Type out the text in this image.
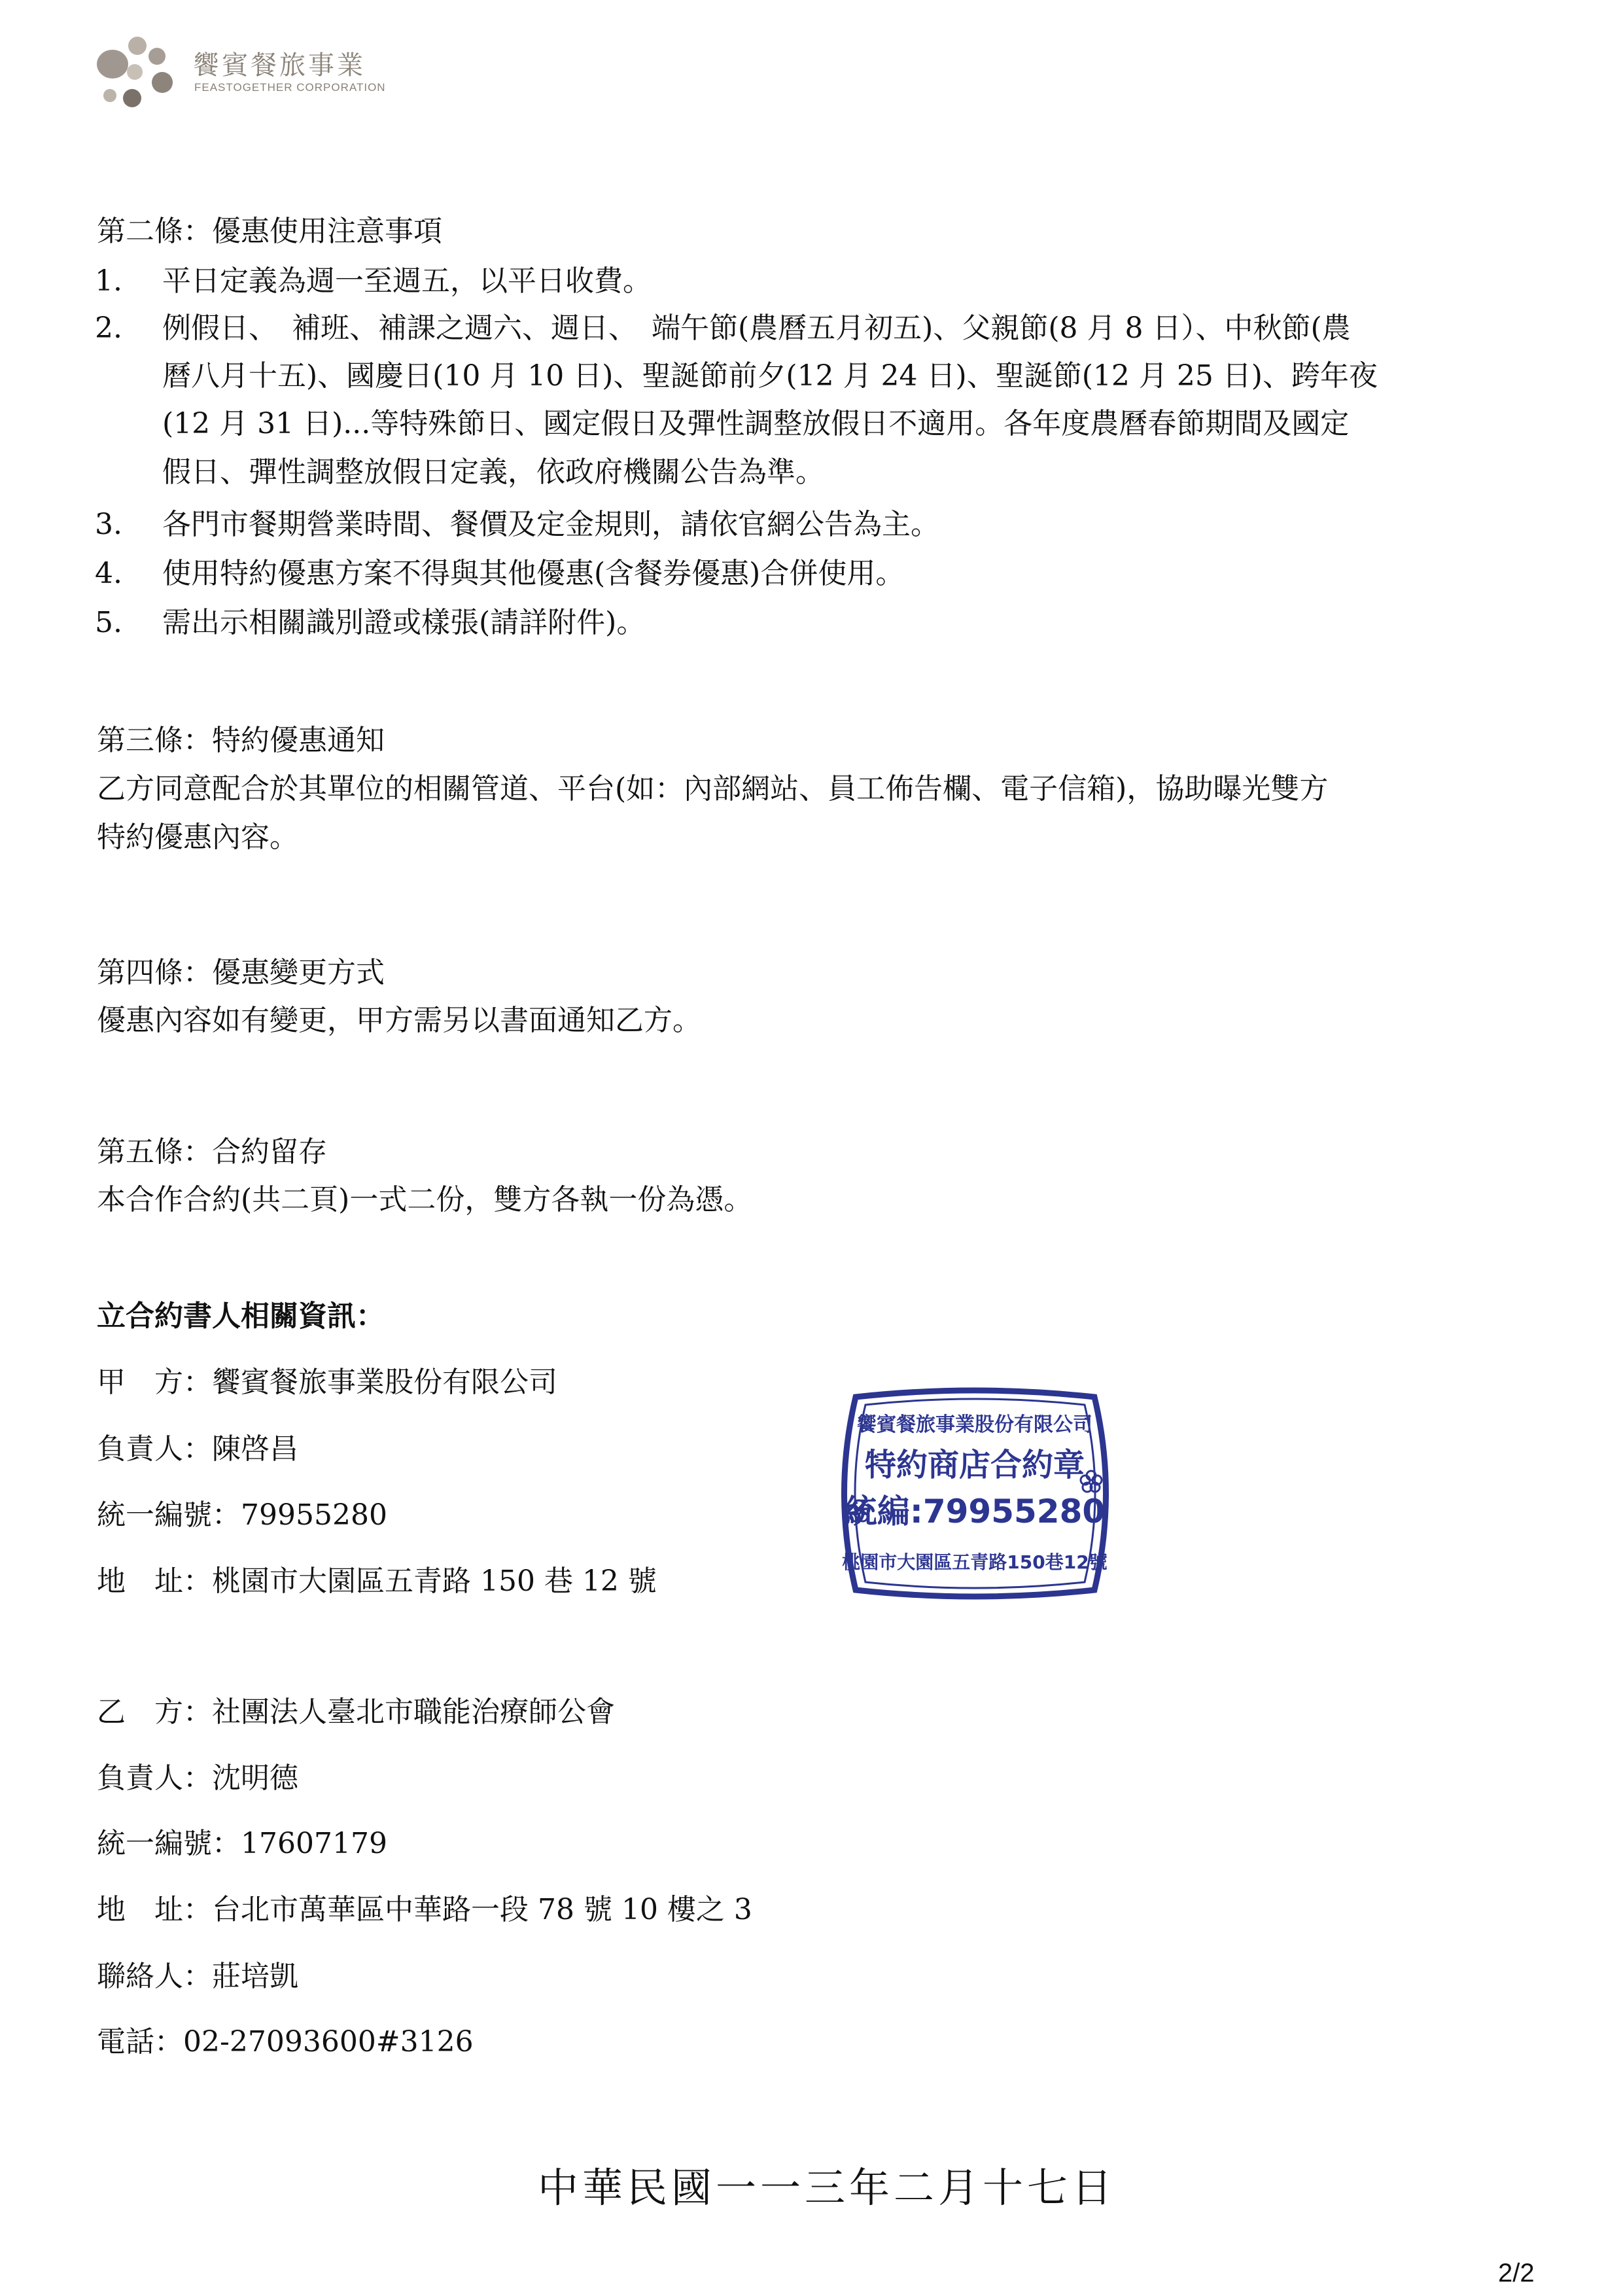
饗賓餐旅事業
FEASTOGETHER CORPORATION
第二條：優惠使用注意事項
1.	平日定義為週一至週五，以平日收費。
2.	例假日、　補班、補課之週六、週日、　端午節(農曆五月初五)、父親節(8 月 8 日）、中秋節(農
曆八月十五)、國慶日(10 月 10 日)、聖誕節前夕(12 月 24 日)、聖誕節(12 月 25 日)、跨年夜
(12 月 31 日)...等特殊節日、國定假日及彈性調整放假日不適用。各年度農曆春節期間及國定
假日、彈性調整放假日定義，依政府機關公告為準。
3.	各門市餐期營業時間、餐價及定金規則，請依官網公告為主。
4.	使用特約優惠方案不得與其他優惠(含餐券優惠)合併使用。
5.	需出示相關識別證或樣張(請詳附件)。
第三條：特約優惠通知
乙方同意配合於其單位的相關管道、平台(如：內部網站、員工佈告欄、電子信箱)，協助曝光雙方
特約優惠內容。
第四條：優惠變更方式
優惠內容如有變更，甲方需另以書面通知乙方。
第五條：合約留存
本合作合約(共二頁)一式二份，雙方各執一份為憑。
立合約書人相關資訊：
甲　方：饗賓餐旅事業股份有限公司
負責人：陳啓昌
統一編號：79955280
地　址：桃園市大園區五青路 150 巷 12 號
饗賓餐旅事業股份有限公司
特約商店合約章
統編:79955280
桃園市大園區五青路150巷12號
乙　方：社團法人臺北市職能治療師公會
負責人：沈明德
統一編號：17607179
地　址：台北市萬華區中華路一段 78 號 10 樓之 3
聯絡人：莊培凱
電話：02-27093600#3126
中華民國一一三年二月十七日
2/2
